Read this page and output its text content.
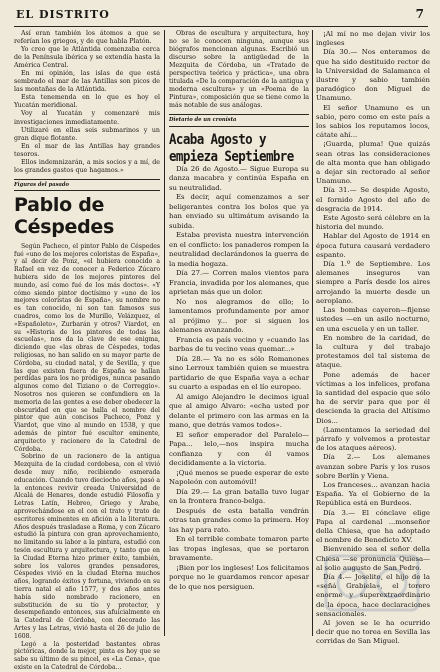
EL DISTRITO	7

Así eran también los átomos a que se referían los griegos, y de que habla Platón.

Yo creo que le Atlántida comenzaba cerca de la Península ibérica y se extendía hasta la América Central.

En mi opinión, las islas de que está sembrado el mar de las Antillas son picos de las montañas de la Atlántida.

Esta tenemenda en lo que es hoy el Yucatán meridional.

Voy al Yucatán y comenzaré mis investigaciones inmediatamente.

Utilizaré en ellas seis submarinos y un gran dique flotante.

En el mar de las Antillas hay grandes tesoros.

Ellos indemnizarán, a mis socios y a mí, de los grandes gastos que hagamos.»

Figuras del pasado
Pablo de Céspedes

Según Pacheco, el pintor Pablo de Céspedes fué «uno de los mejores coloristas de España», y al decir de Ponz, «el hubiera conocido a Rafael en vez de conocer a Federico Zúcaro hubiera sido de los mejores pintores del mundo, así como fué de los más doctos». «Y cómo siendo pintor doctísimo y «uno de los mejores coloristas de España», su nombre no es tan conocido, ni son tan famosos sus cuadros, como los de Murillo, Velázquez, el «Españoleto», Zurbarán y otros? Viardot, en su «Historia de los pintores de todas las escuelas», nos da la clave de ese enigma, diciendo que «las obras de Céspedes, todas religiosas, no han salido en su mayor parte de Córdoba, su ciudad natal, y de Sevilla, y que las que existen fuera de España se hallan perdidas para los no pródigos, nunca pasando algunos como del Tiziano o de Correggio». Nosotros nos quieren se confundiera en la memoria de las gentes a ese deber obedecer la obscuridad en que se halla el nombre del pintor que aún concisos Pacheco, Ponz y Viardot, que vino al mundo en 1538, y que además de pintor fué escultor eminente, arquitecto y racionero de la Catedral de Córdoba.

Sobrino de un racionero de la antigua Mezquita de la ciudad cordobesa, con el vivió desde muy niño, recibiendo esmerada educación. Cuando tuvo dieciocho años, pasó a la entonces revivir creada Universidad de Alcalá de Henares, donde estudió Filosofía y Letras Latín, Hebreo, Griego y Árabe, aprovechándose en el con el trato y trato de escritores eminentes en afición a la literatura. Años después trasladase a Roma, y con Zúcaro estudió la pintura con gran aprovechamiento, no limitando su labor a la pintura, estudió con tesón escultura y arquitectura, y tanto que en la Ciudad Eterna hizo primer éxito, también, sobre los valores grandes pensadores, Céspedes vivió en la ciudad Eterna muchos años, logrando éxitos y fortuna, viviendo en su tierra natal el año 1577, y dos años antes había sido nombrado racionero, en substitución de su tío y protector, y desempeñando entonces, sus afuicialmente en la Catedral de Córdoba, con decorado las Artes y las Letras, vivió hasta el 26 de julio de 1608.

Legó a la posteridad bastantes obras pictóricas, donde la mejor, pinta es hoy que se sabe su último de su pincel, es «La Cena», que existe en la Catedral de Córdoba...

Obras de escultura y arquitectura, hoy no se le conocen ninguna, aunque sus biógrafos mencionan algunas. Escribió un discurso sobre la antigüedad de la Mezquita de Córdoba, un «Tratado de perspectiva teórica y práctica», una obra titulada «De la comparación de la antigua y moderna escultura» y un «Poema de la Pintura», composición que se tiene como la más notable de sus análogas.

Dietario de un cronista
Acaba Agosto y empieza Septiembre

Día 26 de Agosto.— Sigue Europa su danza macabra y continúa España en su neutralidad.

Es decir, aquí comenzamos a ser beligerantes contra los bolos que ya han enviado su ultimátum avisando la subida.

Estaba prevista nuestra intervención en el conflicto: los panaderos rompen la neutralidad declarándonos la guerra de la media hogaza.

Día 27.— Corren malos vientos para Francia, invadida por los alemanes, que aprietan más que un dolor.

No nos alegramos de ello; lo lamentamos profundamente por amor al prójimo y... por si siguen los alemanes avanzando.

Francia es país vecino y «cuando las barbas de tu vecino veas quemar...»

Día 28.— Ya no es sólo Romanones sino Lerroux también quien se muestra partidario de que España vaya a echar su cuarto a espadas en el lío europeo.

Al amigo Alejandro le decimos igual que al amigo Alvaro: «echa usted por delante el primero con las armas en la mano, que detrás vamos todos».

El señor emperador del Paralelo—Papa... lelo,—nos inspira mucha confianza y con él vamos decididamente a la victoria.

¡Qué menos se puede esperar de este Napoleón con automóvil!

Día 29.— La gran batalla tuvo lugar en la frontera franco-belga.

Después de esta batalla vendrán otras tan grandes como la primera. Hoy las hay para rato.

En el terrible combate tomaron parte las tropas inglesas, que se portaron bravamente.

¡Bien por los ingleses! Los felicitamos porque no le guardamos rencor apesar de lo que nos persiguen.

¡Al mí no me dejan vivir los ingleses

Día 30.— Nos enteramos de que ha sido destituido rector de la Universidad de Salamanca el ilustre y sabio también paradógico don Miguel de Unamuno.

El señor Unamuno es un sabio, pero como en este país a los sabios los reputamos locos, cátate ahí...

¡Guarda, pluma! Que quizás sean otras las consideraciones de alta monta que han obligado a dejar sin rectorado al señor Unamuno.

Día 31.— Se despide Agosto, el fornido Agosto del año de desgracia de 1914.

Este Agosto será célebre en la historia del mundo.

Hablar del Agosto de 1914 en época futura causará verdadero espanto.

Día 1.º de Septiembre. Los alemanes inseguros van siempre a París desde los aires arrojando la muerte desde un aeroplano.

Las bombas cayeron—fijense ustedes —en un asilo nocturno, en una escuela y en un taller.

En nombre de la caridad, de la cultura y del trabajo protestamos del tal sistema de ataque.

Pone además de hacer víctimas a los infelices, profana la santidad del espacio que sólo ha de servir para que por él descienda la gracia del Altísimo Dios...

(Lamentamos la seriedad del párrafo y volvemos a protestar de los ataques aéreos).

Día 2.— Los alemanes avanzan sobre París y los rusos sobre Berlín y Viena.

Los franceses... avanzan hacia España. Ya el Gobierno de la República está en Burdeos.

Día 3.— El cónclave elige Papa al cardenal ...monseñor della Chiesa, que ha adoptado el nombre de Benedicto XV.

Bienvenido sea el señor della Chiesa —se pronuncia Quiesa— al solio augusto de San Pedro.

Día 4.— Joselito, el hijo de la «señá Grabiela», el torero enorme y superextraordinario de la época, hace declaraciones sensacionales.

Al joven se le ha ocurrido decir que no torea en Sevilla las corridas de San Miguel.
